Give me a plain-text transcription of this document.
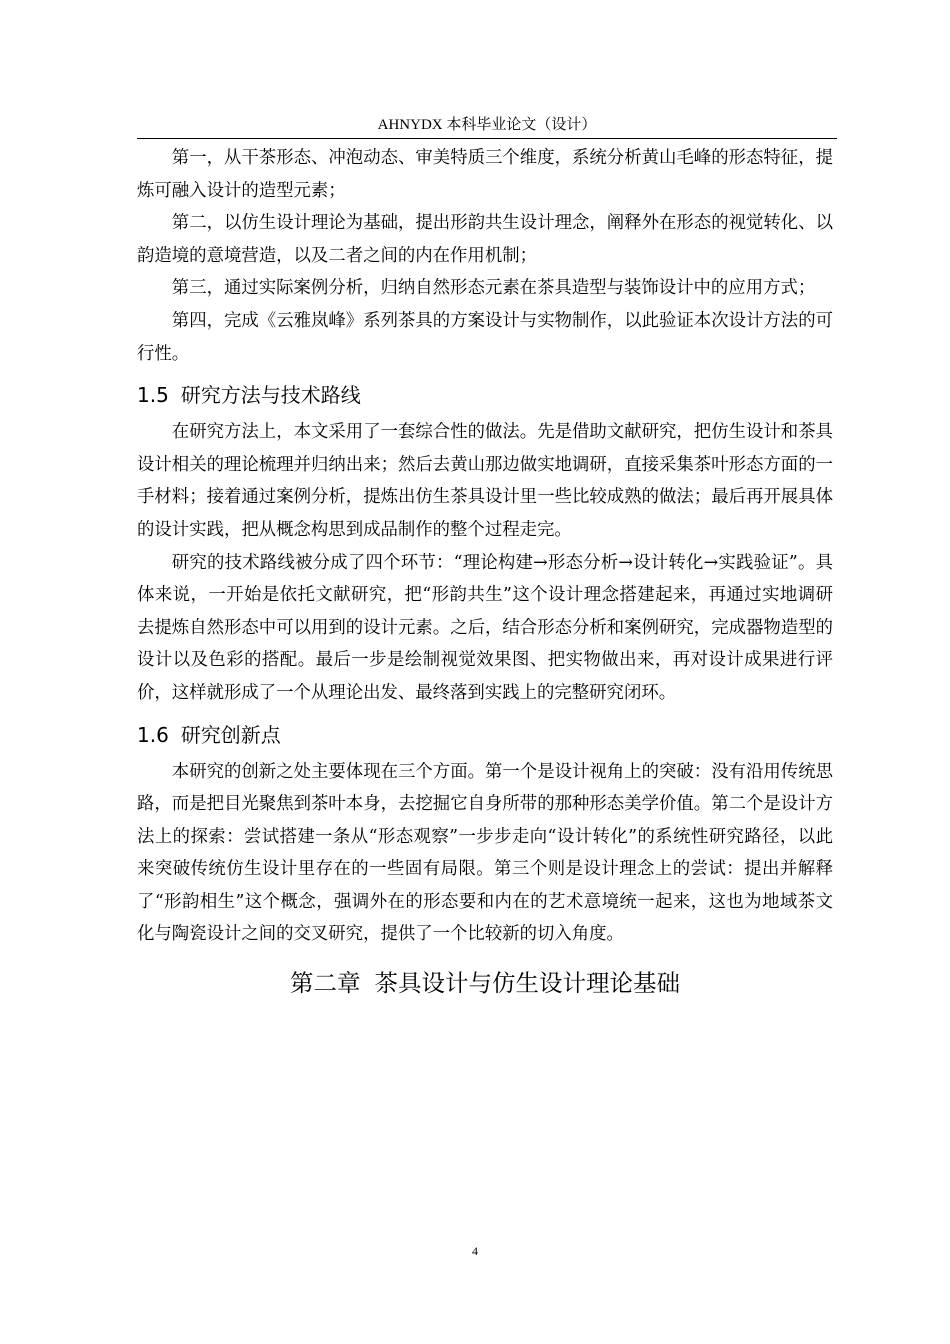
AHNYDX 本科毕业论文（设计）

第一，从干茶形态、冲泡动态、审美特质三个维度，系统分析黄山毛峰的形态特征，提炼可融入设计的造型元素；

第二，以仿生设计理论为基础，提出形韵共生设计理念，阐释外在形态的视觉转化、以韵造境的意境营造，以及二者之间的内在作用机制；

第三，通过实际案例分析，归纳自然形态元素在茶具造型与装饰设计中的应用方式；

第四，完成《云雅岚峰》系列茶具的方案设计与实物制作，以此验证本次设计方法的可行性。

1.5 研究方法与技术路线

在研究方法上，本文采用了一套综合性的做法。先是借助文献研究，把仿生设计和茶具设计相关的理论梳理并归纳出来；然后去黄山那边做实地调研，直接采集茶叶形态方面的一手材料；接着通过案例分析，提炼出仿生茶具设计里一些比较成熟的做法；最后再开展具体的设计实践，把从概念构思到成品制作的整个过程走完。

研究的技术路线被分成了四个环节：“理论构建→形态分析→设计转化→实践验证”。具体来说，一开始是依托文献研究，把“形韵共生”这个设计理念搭建起来，再通过实地调研去提炼自然形态中可以用到的设计元素。之后，结合形态分析和案例研究，完成器物造型的设计以及色彩的搭配。最后一步是绘制视觉效果图、把实物做出来，再对设计成果进行评价，这样就形成了一个从理论出发、最终落到实践上的完整研究闭环。

1.6 研究创新点

本研究的创新之处主要体现在三个方面。第一个是设计视角上的突破：没有沿用传统思路，而是把目光聚焦到茶叶本身，去挖掘它自身所带的那种形态美学价值。第二个是设计方法上的探索：尝试搭建一条从“形态观察”一步步走向“设计转化”的系统性研究路径，以此来突破传统仿生设计里存在的一些固有局限。第三个则是设计理念上的尝试：提出并解释了“形韵相生”这个概念，强调外在的形态要和内在的艺术意境统一起来，这也为地域茶文化与陶瓷设计之间的交叉研究，提供了一个比较新的切入角度。

第二章 茶具设计与仿生设计理论基础
4
